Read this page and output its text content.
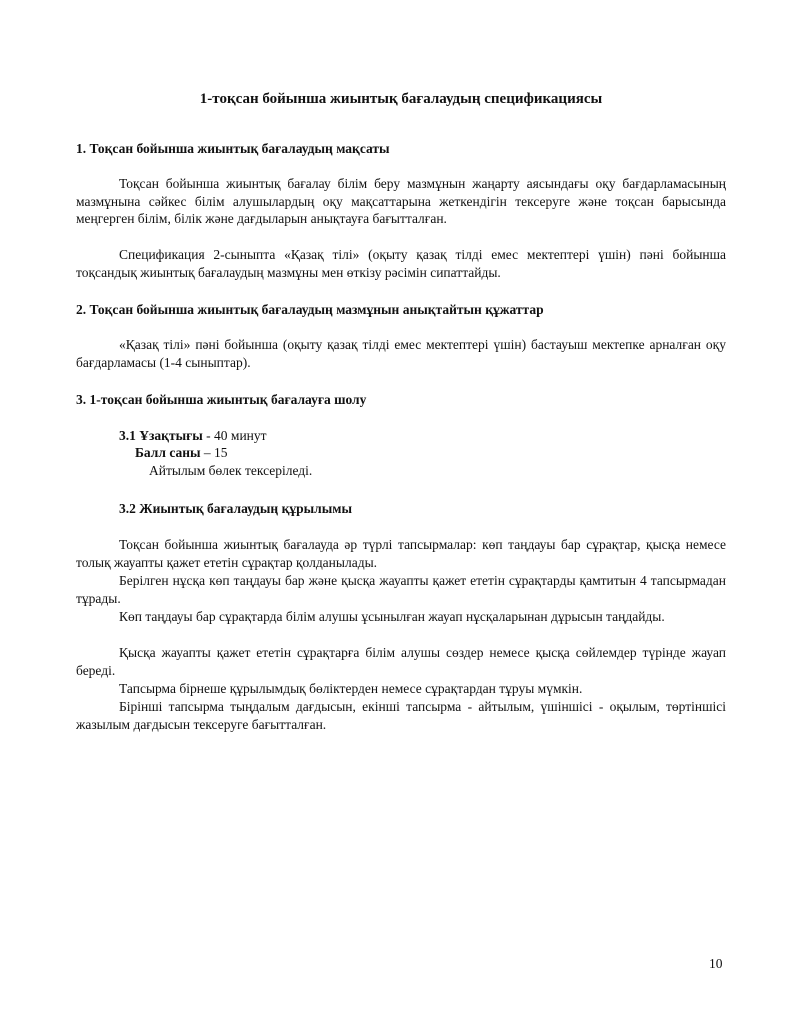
1-тоқсан бойынша жиынтық бағалаудың спецификациясы
1. Тоқсан бойынша жиынтық бағалаудың мақсаты

Тоқсан бойынша жиынтық бағалау білім беру мазмұнын жаңарту аясындағы оқу бағдарламасының мазмұнына сәйкес білім алушылардың оқу мақсаттарына жеткендігін тексеруге және тоқсан барысында меңгерген білім, білік және дағдыларын анықтауға бағытталған.

Спецификация 2-сыныпта «Қазақ тілі» (оқыту қазақ тілді емес мектептері үшін) пәні бойынша тоқсандық жиынтық бағалаудың мазмұны мен өткізу рәсімін сипаттайды.

2. Тоқсан бойынша жиынтық бағалаудың мазмұнын анықтайтын құжаттар

«Қазақ тілі» пәні бойынша (оқыту қазақ тілді емес мектептері үшін) бастауыш мектепке арналған оқу бағдарламасы (1-4 сыныптар).

3. 1-тоқсан бойынша жиынтық бағалауға шолу

3.1 Ұзақтығы - 40 минут

Балл саны – 15

Айтылым бөлек тексеріледі.

3.2 Жиынтық бағалаудың құрылымы

Тоқсан бойынша жиынтық бағалауда әр түрлі тапсырмалар: көп таңдауы бар сұрақтар, қысқа немесе толық жауапты қажет ететін сұрақтар қолданылады.

Берілген нұсқа көп таңдауы бар және қысқа жауапты қажет ететін сұрақтарды қамтитын 4 тапсырмадан тұрады.

Көп таңдауы бар сұрақтарда білім алушы ұсынылған жауап нұсқаларынан дұрысын таңдайды.

Қысқа жауапты қажет ететін сұрақтарға білім алушы сөздер немесе қысқа сөйлемдер түрінде жауап береді.

Тапсырма бірнеше құрылымдық бөліктерден немесе сұрақтардан тұруы мүмкін.

Бірінші тапсырма тыңдалым дағдысын, екінші тапсырма - айтылым, үшіншісі - оқылым, төртіншісі жазылым дағдысын тексеруге бағытталған.

10
